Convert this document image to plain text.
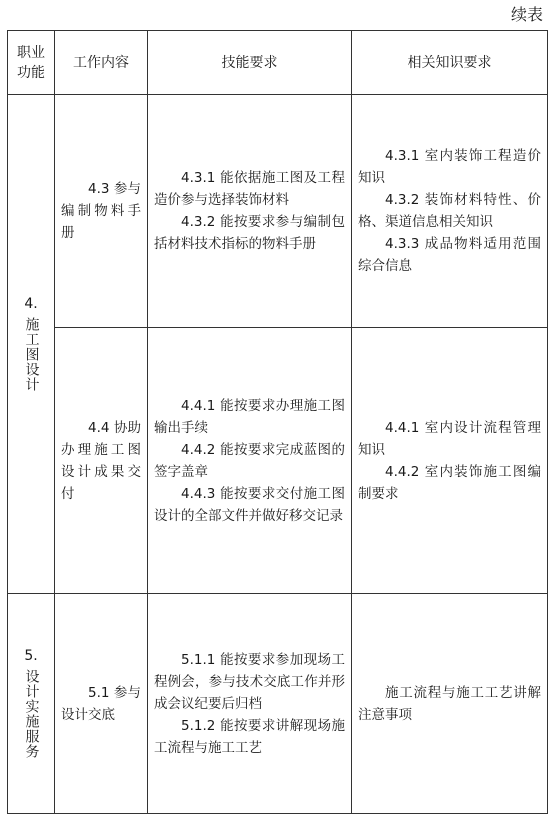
续表
职业
功能
工作内容	技能要求	相关知识要求
4.
施工图设计
5.
设计实施服务
4.3 参与编制物料手册
4.3.1 能依据施工图及工程造价参与选择装饰材料
4.3.2 能按要求参与编制包括材料技术指标的物料手册
4.3.1 室内装饰工程造价知识
4.3.2 装饰材料特性、价格、渠道信息相关知识
4.3.3 成品物料适用范围综合信息
4.4 协助办理施工图设计成果交付
4.4.1 能按要求办理施工图输出手续
4.4.2 能按要求完成蓝图的签字盖章
4.4.3 能按要求交付施工图设计的全部文件并做好移交记录
4.4.1 室内设计流程管理知识
4.4.2 室内装饰施工图编制要求
5.1 参与设计交底
5.1.1 能按要求参加现场工程例会，参与技术交底工作并形成会议纪要后归档
5.1.2 能按要求讲解现场施工流程与施工工艺
施工流程与施工工艺讲解注意事项
